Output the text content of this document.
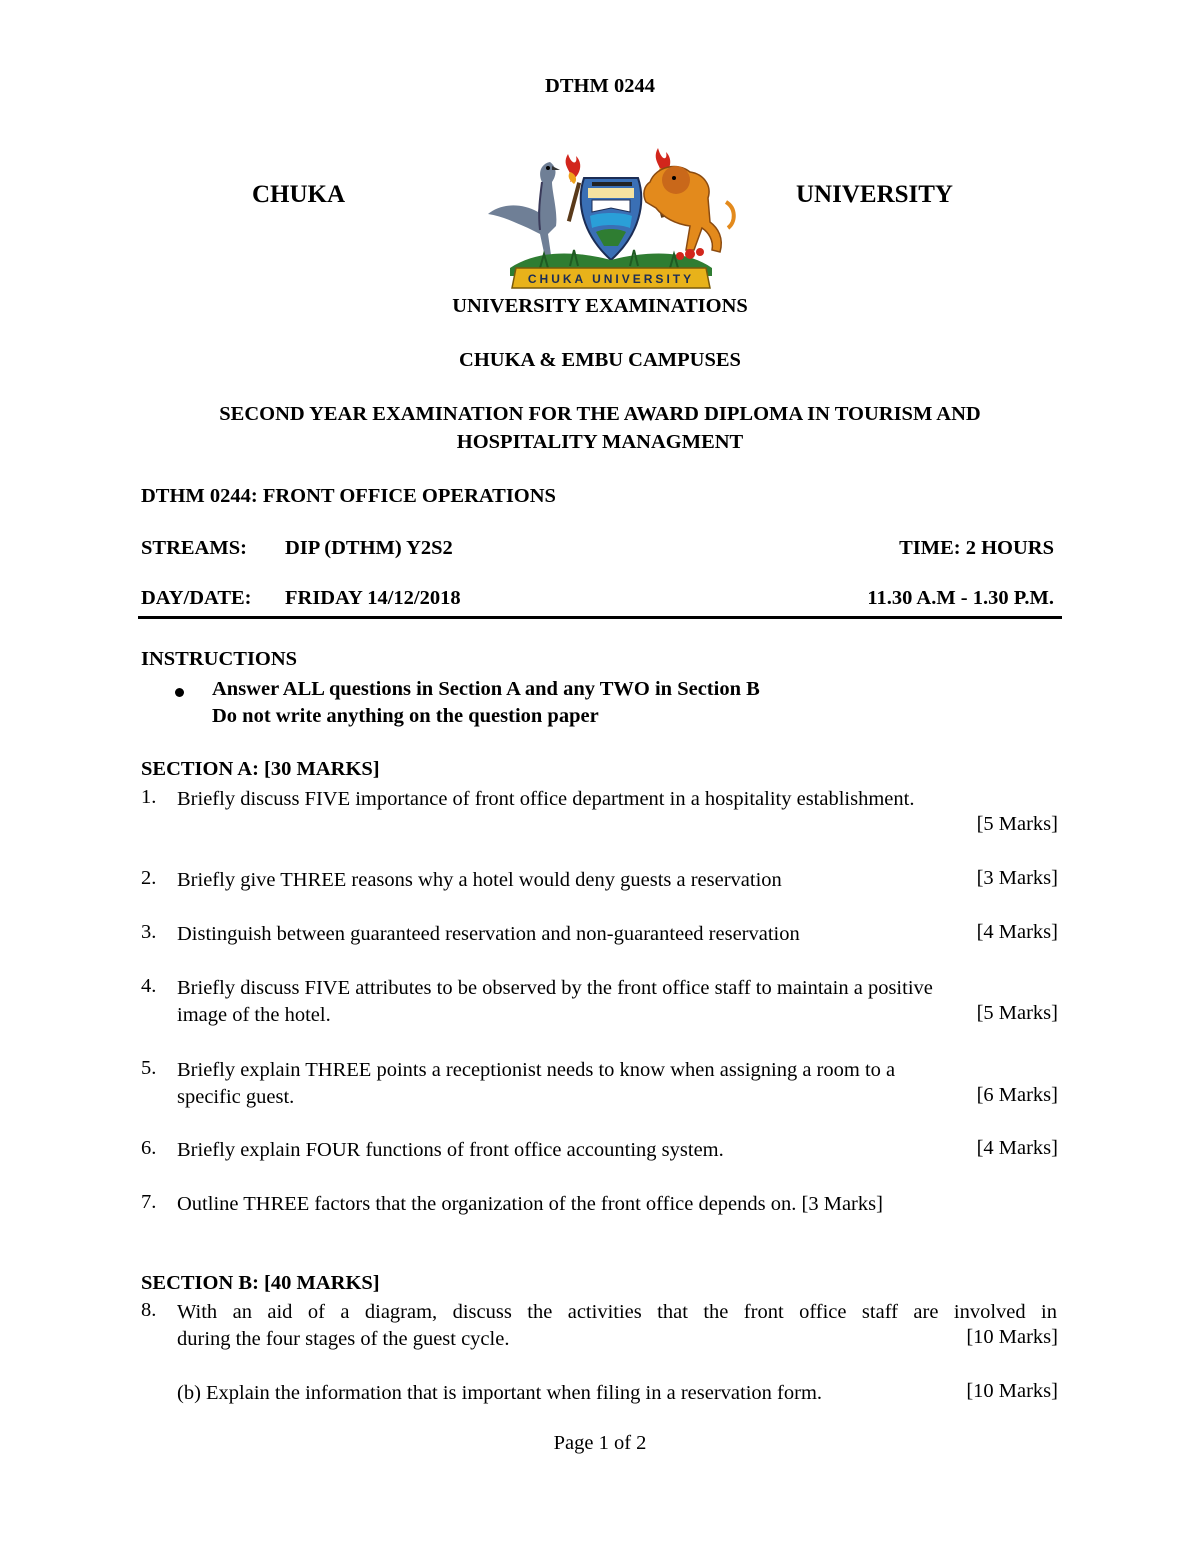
DTHM 0244
CHUKA	UNIVERSITY
CHUKA UNIVERSITY
UNIVERSITY EXAMINATIONS
CHUKA & EMBU CAMPUSES
SECOND YEAR EXAMINATION FOR THE AWARD DIPLOMA IN TOURISM AND
HOSPITALITY MANAGMENT
DTHM 0244: FRONT OFFICE OPERATIONS
STREAMS: DIP (DTHM) Y2S2	TIME: 2 HOURS
DAY/DATE: FRIDAY 14/12/2018	11.30 A.M - 1.30 P.M.
INSTRUCTIONS
Answer ALL questions in Section A and any TWO in Section B
Do not write anything on the question paper
SECTION A: [30 MARKS]
1. Briefly discuss FIVE importance of front office department in a hospitality establishment.
[5 Marks]
2. Briefly give THREE reasons why a hotel would deny guests a reservation	[3 Marks]
3. Distinguish between guaranteed reservation and non-guaranteed reservation	[4 Marks]
4. Briefly discuss FIVE attributes to be observed by the front office staff to maintain a positive
image of the hotel.	[5 Marks]
5. Briefly explain THREE points a receptionist needs to know when assigning a room to a
specific guest.	[6 Marks]
6. Briefly explain FOUR functions of front office accounting system.	[4 Marks]
7. Outline THREE factors that the organization of the front office depends on. [3 Marks]
SECTION B: [40 MARKS]
8. With an aid of a diagram, discuss the activities that the front office staff are involved in
during the four stages of the guest cycle.	[10 Marks]
(b) Explain the information that is important when filing in a reservation form.	[10 Marks]
Page 1 of 2
